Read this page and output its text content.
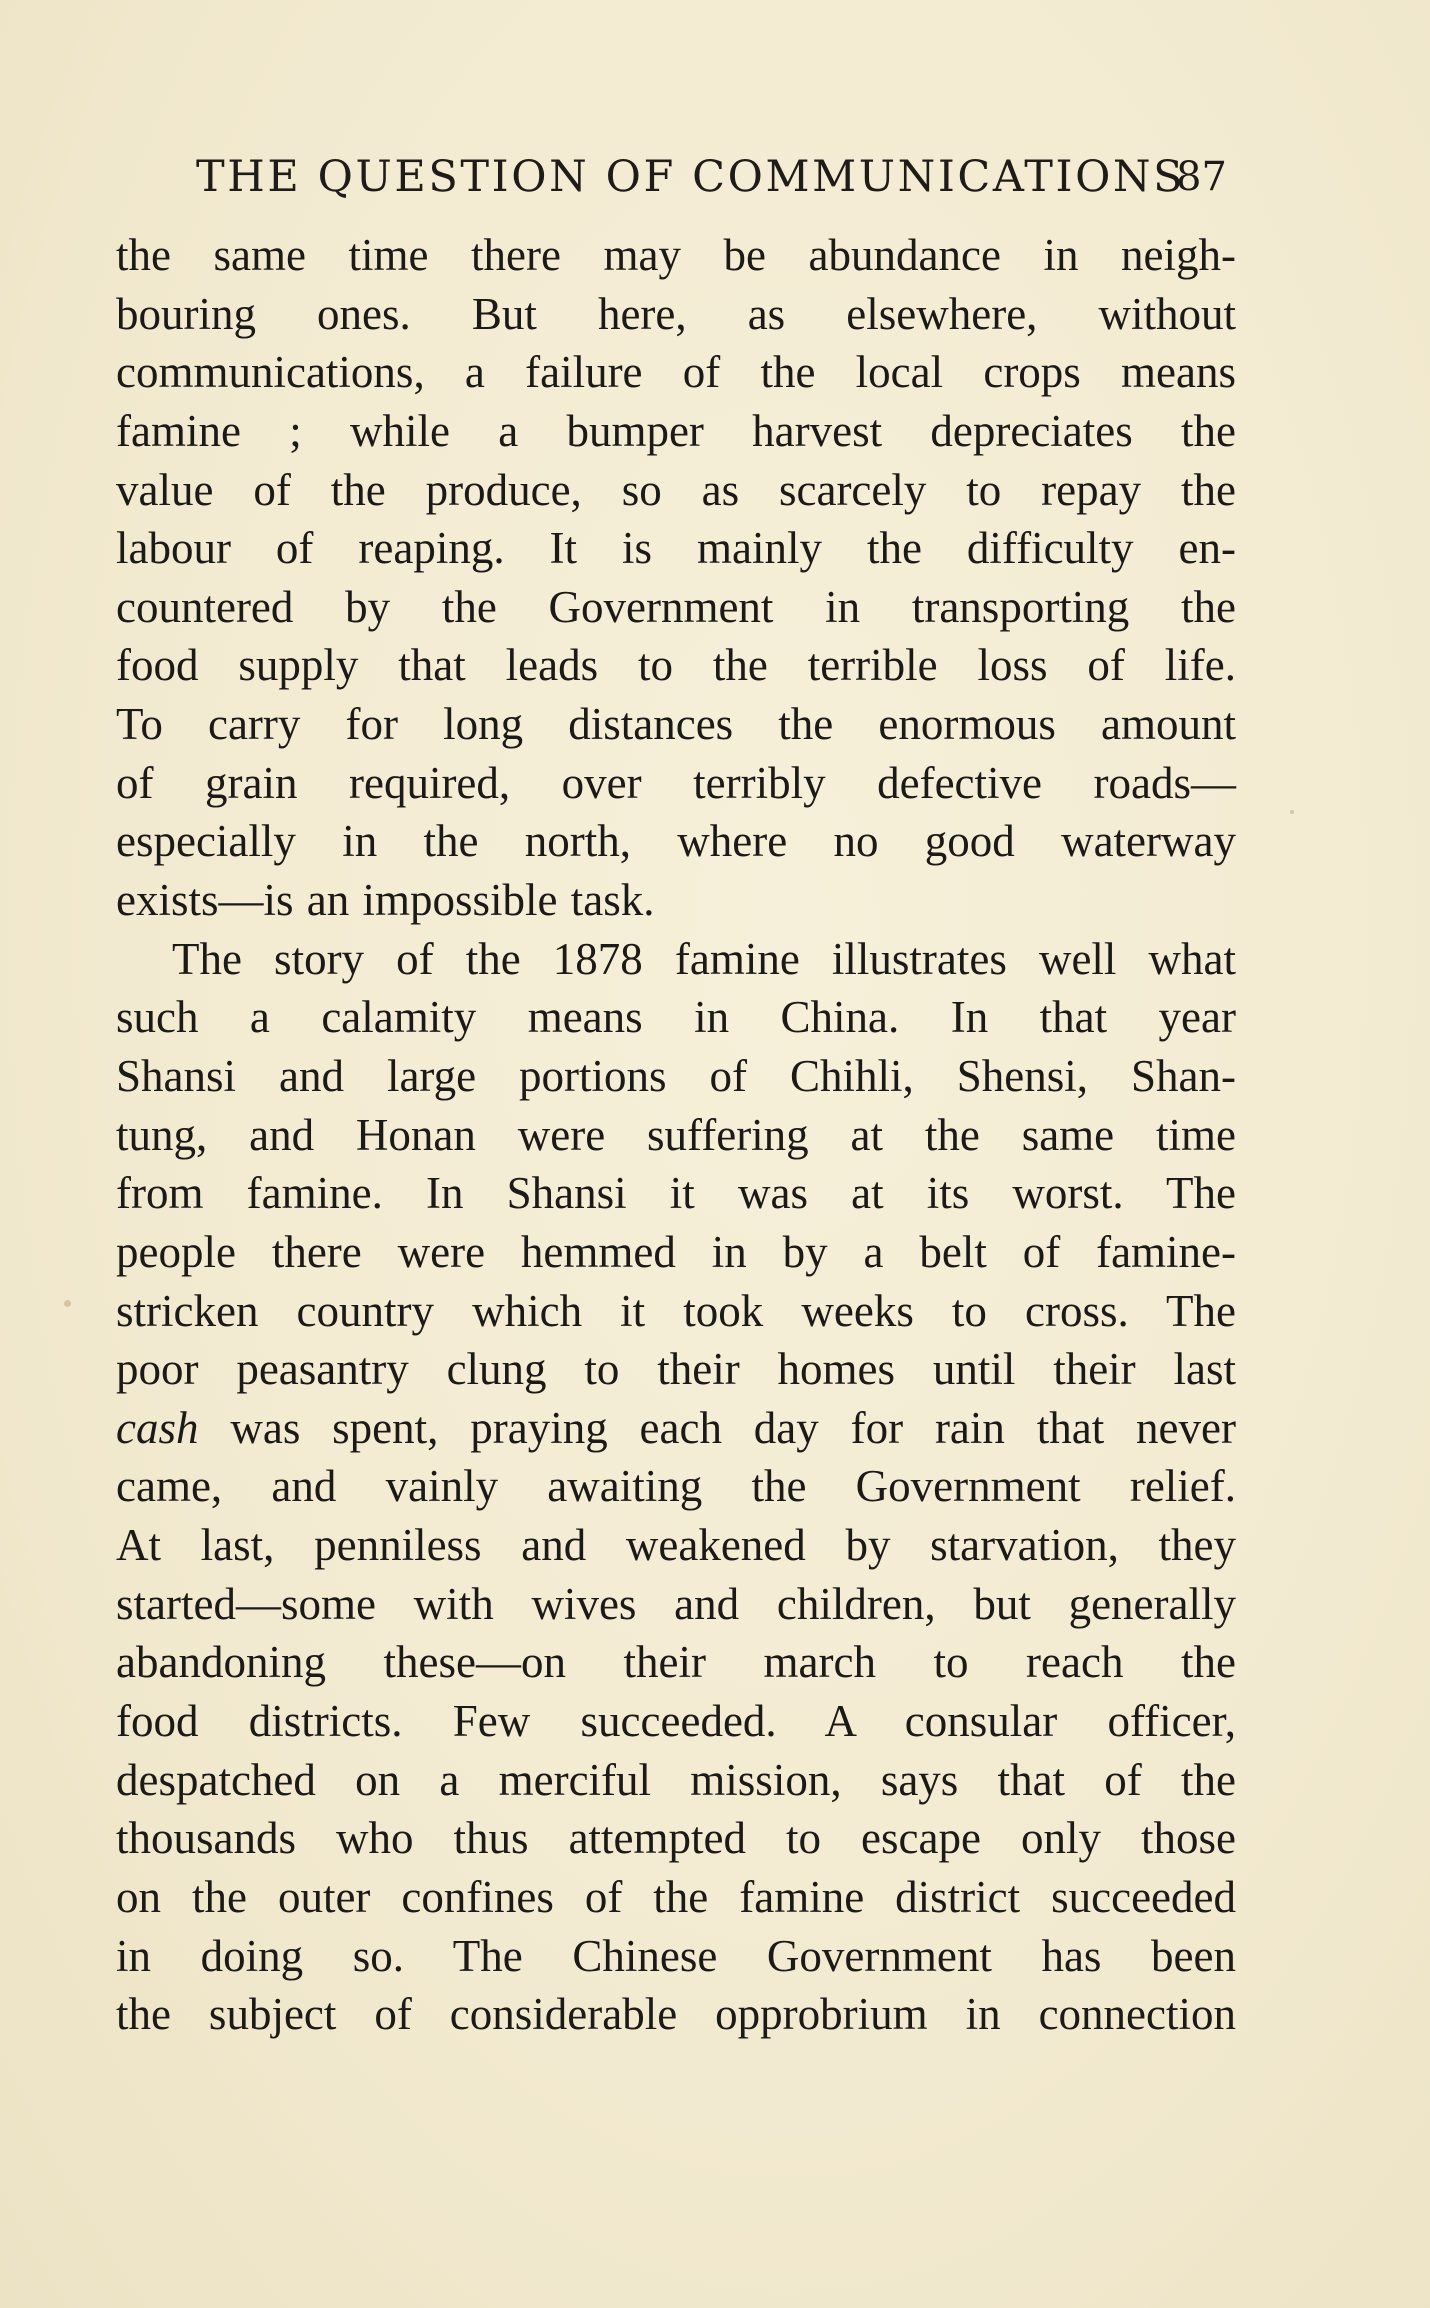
THE QUESTION OF COMMUNICATIONS
87
the same time there may be abundance in neigh-
bouring ones. But here, as elsewhere, without
communications, a failure of the local crops means
famine ; while a bumper harvest depreciates the
value of the produce, so as scarcely to repay the
labour of reaping. It is mainly the difficulty en-
countered by the Government in transporting the
food supply that leads to the terrible loss of life.
To carry for long distances the enormous amount
of grain required, over terribly defective roads—
especially in the north, where no good waterway
exists—is an impossible task.
The story of the 1878 famine illustrates well what
such a calamity means in China. In that year
Shansi and large portions of Chihli, Shensi, Shan-
tung, and Honan were suffering at the same time
from famine. In Shansi it was at its worst. The
people there were hemmed in by a belt of famine-
stricken country which it took weeks to cross. The
poor peasantry clung to their homes until their last
cash was spent, praying each day for rain that never
came, and vainly awaiting the Government relief.
At last, penniless and weakened by starvation, they
started—some with wives and children, but generally
abandoning these—on their march to reach the
food districts. Few succeeded. A consular officer,
despatched on a merciful mission, says that of the
thousands who thus attempted to escape only those
on the outer confines of the famine district succeeded
in doing so. The Chinese Government has been
the subject of considerable opprobrium in connection
